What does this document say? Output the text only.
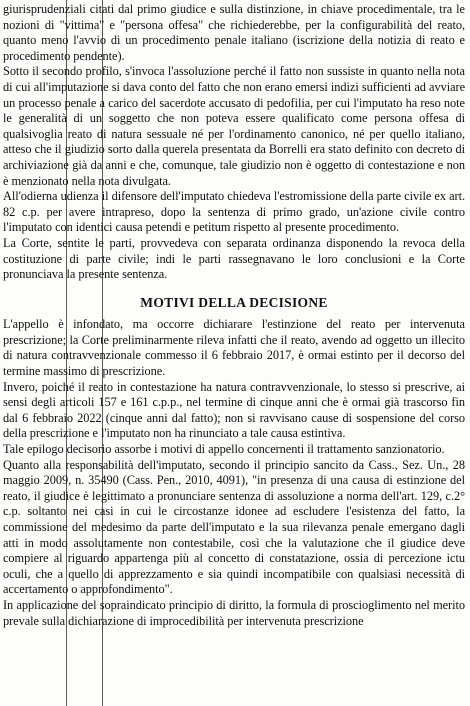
giurisprudenziali citati dal primo giudice e sulla distinzione, in chiave procedimentale, tra le nozioni di "vittima" e "persona offesa" che richiederebbe, per la configurabilità del reato, quanto meno l'avvio di un procedimento penale italiano (iscrizione della notizia di reato e procedimento pendente).

Sotto il secondo profilo, s'invoca l'assoluzione perché il fatto non sussiste in quanto nella nota di cui all'imputazione si dava conto del fatto che non erano emersi indizi sufficienti ad avviare un processo penale a carico del sacerdote accusato di pedofilia, per cui l'imputato ha reso note le generalità di un soggetto che non poteva essere qualificato come persona offesa di qualsivoglia reato di natura sessuale né per l'ordinamento canonico, né per quello italiano, atteso che il giudizio sorto dalla querela presentata da Borrelli era stato definito con decreto di archiviazione già da anni e che, comunque, tale giudizio non è oggetto di contestazione e non è menzionato nella nota divulgata.

All'odierna udienza il difensore dell'imputato chiedeva l'estromissione della parte civile ex art. 82 c.p. per avere intrapreso, dopo la sentenza di primo grado, un'azione civile contro l'imputato con identici causa petendi e petitum rispetto al presente procedimento.

La Corte, sentite le parti, provvedeva con separata ordinanza disponendo la revoca della costituzione di parte civile; indi le parti rassegnavano le loro conclusioni e la Corte pronunciava la presente sentenza.

MOTIVI DELLA DECISIONE

L'appello è infondato, ma occorre dichiarare l'estinzione del reato per intervenuta prescrizione; la Corte preliminarmente rileva infatti che il reato, avendo ad oggetto un illecito di natura contravvenzionale commesso il 6 febbraio 2017, è ormai estinto per il decorso del termine massimo di prescrizione.

Invero, poiché il reato in contestazione ha natura contravvenzionale, lo stesso si prescrive, ai sensi degli articoli 157 e 161 c.p.p., nel termine di cinque anni che è ormai già trascorso fin dal 6 febbraio 2022 (cinque anni dal fatto); non si ravvisano cause di sospensione del corso della prescrizione e l'imputato non ha rinunciato a tale causa estintiva.

Tale epilogo decisorio assorbe i motivi di appello concernenti il trattamento sanzionatorio.

Quanto alla responsabilità dell'imputato, secondo il principio sancito da Cass., Sez. Un., 28 maggio 2009, n. 35490 (Cass. Pen., 2010, 4091), "in presenza di una causa di estinzione del reato, il giudice è legittimato a pronunciare sentenza di assoluzione a norma dell'art. 129, c.2° c.p. soltanto nei casi in cui le circostanze idonee ad escludere l'esistenza del fatto, la commissione del medesimo da parte dell'imputato e la sua rilevanza penale emergano dagli atti in modo assolutamente non contestabile, così che la valutazione che il giudice deve compiere al riguardo appartenga più al concetto di constatazione, ossia di percezione ictu oculi, che a quello di apprezzamento e sia quindi incompatibile con qualsiasi necessità di accertamento o approfondimento".

In applicazione del sopraindicato principio di diritto, la formula di proscioglimento nel merito prevale sulla dichiarazione di improcedibilità per intervenuta prescrizione
